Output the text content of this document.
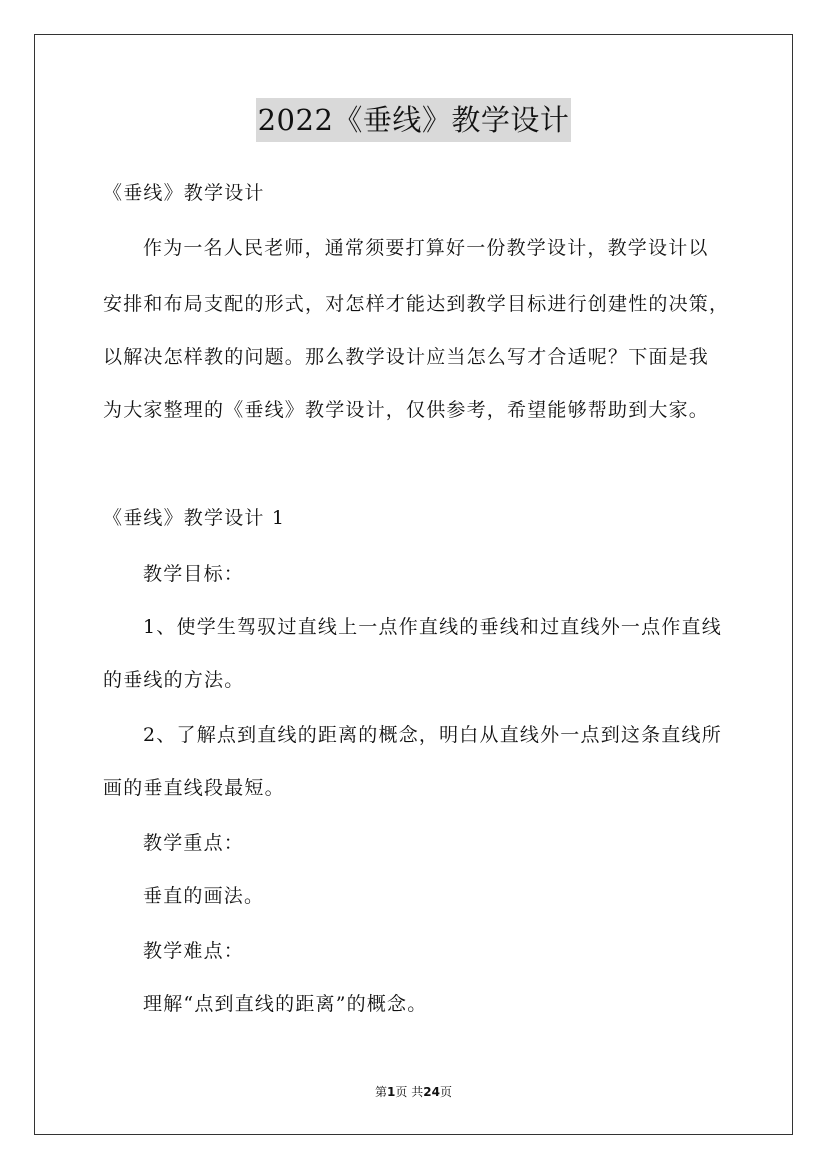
2022《垂线》教学设计
《垂线》教学设计
作为一名人民老师，通常须要打算好一份教学设计，教学设计以
安排和布局支配的形式，对怎样才能达到教学目标进行创建性的决策，
以解决怎样教的问题。那么教学设计应当怎么写才合适呢？下面是我
为大家整理的《垂线》教学设计，仅供参考，希望能够帮助到大家。
《垂线》教学设计 1
教学目标：
1、使学生驾驭过直线上一点作直线的垂线和过直线外一点作直线
的垂线的方法。
2、了解点到直线的距离的概念，明白从直线外一点到这条直线所
画的垂直线段最短。
教学重点：
垂直的画法。
教学难点：
理解“点到直线的距离”的概念。
第1页 共24页
